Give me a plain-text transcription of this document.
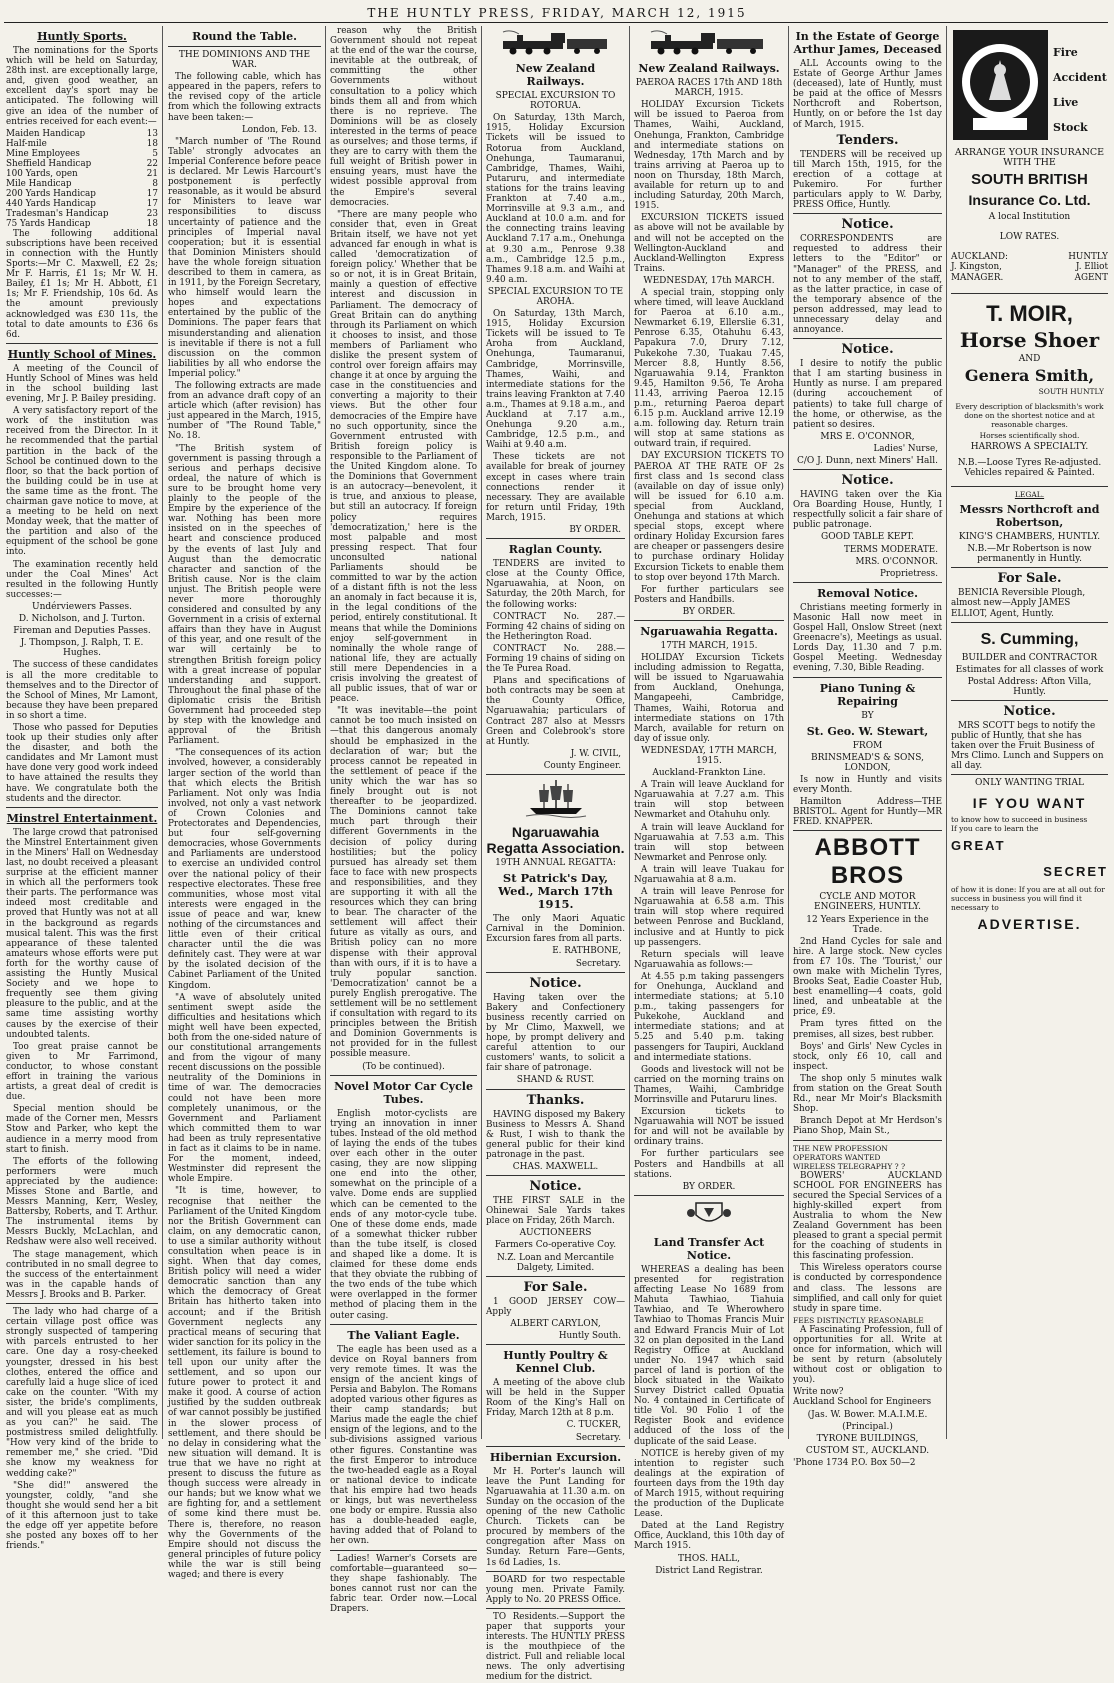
THE HUNTLY PRESS, FRIDAY, MARCH 12, 1915
Huntly Sports.

The nominations for the Sports which will be held on Saturday, 28th inst. are exceptionally large, and, given good weather, an excellent day's sport may be anticipated. The following will give an idea of the number of entries received for each event:—

Maiden Handicap	13
Half-mile	18
Mine Employees	5
Sheffield Handicap	22
100 Yards, open	21
Mile Handicap	8
200 Yards Handicap	17
440 Yards Handicap	17
Tradesman's Handicap	23
75 Yards Handicap	18

The following additional subscriptions have been received in connection with the Huntly Sports:—Mr C. Maxwell, £2 2s; Mr F. Harris, £1 1s; Mr W. H. Bailey, £1 1s; Mr H. Abbott, £1 1s; Mr F. Friendship, 10s 6d. As the amount previously acknowledged was £30 11s, the total to date amounts to £36 6s 6d.

Huntly School of Mines.

A meeting of the Council of Huntly School of Mines was held in the school building last evening, Mr J. P. Bailey presiding.

A very satisfactory report of the work of the institution was received from the Director. In it he recommended that the partial partition in the back of the School be continued down to the floor, so that the back portion of the building could be in use at the same time as the front. The chairman gave notice to move, at a meeting to be held on next Monday week, that the matter of the partition and also of the equipment of the school be gone into.

The examination recently held under the Coal Mines' Act resulted in the following Huntly successes:—

Undérviewers Passes.
D. Nicholson, and J. Turton.
Fireman and Deputies Passes.
J. Thompson, J. Ralph, T. E. Hughes.

The success of these candidates is all the more creditable to themselves and to the Director of the School of Mines, Mr Lamont, because they have been prepared in so short a time.

Those who passed for Deputies took up their studies only after the disaster, and both the candidates and Mr Lamont must have done very good work indeed to have attained the results they have. We congratulate both the students and the director.

Minstrel Entertainment.

The large crowd that patronised the Minstrel Entertainment given in the Miners' Hall on Wednesday last, no doubt received a pleasant surprise at the efficient manner in which all the performers took their parts. The performance was indeed most creditable and proved that Huntly was not at all in the background as regards musical talent. This was the first appearance of these talented amateurs whose efforts were put forth for the worthy cause of assisting the Huntly Musical Society and we hope to frequently see them giving pleasure to the public, and at the same time assisting worthy causes by the exercise of their undoubted talents.

Too great praise cannot be given to Mr Farrimond, conductor, to whose constant effort in training the various artists, a great deal of credit is due.

Special mention should be made of the Corner men, Messrs Stow and Parker, who kept the audience in a merry mood from start to finish.

The efforts of the following performers were much appreciated by the audience: Misses Stone and Bartle, and Messrs Manning, Kerr, Wesley, Battersby, Roberts, and T. Arthur. The instrumental items by Messrs Buckly, McLachlan, and Redshaw were also well received.

The stage management, which contributed in no small degree to the success of the entertainment was in the capable hands of Messrs J. Brooks and B. Parker.

The lady who had charge of a certain village post office was strongly suspected of tampering with parcels entrusted to her care. One day a rosy-cheeked youngster, dressed in his best clothes, entered the office and carefully laid a huge slice of iced cake on the counter. "With my sister, the bride's compliments, and will you please eat as much as you can?" he said. The postmistress smiled delightfully. "How very kind of the bride to remember me," she cried. "Did she know my weakness for wedding cake?"

"She did!" answered the youngster, coldly, "and she thought she would send her a bit of it this afternoon just to take the edge off yer appetite before she posted any boxes off to her friends."

Round the Table.
THE DOMINIONS AND THE WAR.

The following cable, which has appeared in the papers, refers to the revised copy of the article from which the following extracts have been taken:—

London, Feb. 13.

"March number of 'The Round Table' strongly advocates an Imperial Conference before peace is declared. Mr Lewis Harcourt's postponement is perfectly reasonable, as it would be absurd for Ministers to leave war responsibilities to discuss uncertainty of patience and the principles of Imperial naval cooperation; but it is essential that Dominion Ministers should have the whole foreign situation described to them in camera, as in 1911, by the Foreign Secretary, who himself would learn the hopes and expectations entertained by the public of the Dominions. The paper fears that misunderstanding and alienation is inevitable if there is not a full discussion on the common liabilities by all who endorse the Imperial policy."

The following extracts are made from an advance draft copy of an article which (after revision) has just appeared in the March, 1915, number of "The Round Table," No. 18.

"The British system of government is passing through a serious and perhaps decisive ordeal, the nature of which is sure to be brought home very plainly to the people of the Empire by the experience of the war. Nothing has been more insisted on in the speeches of heart and conscience produced by the events of last July and August than the democratic character and sanction of the British cause. Nor is the claim unjust. The British people were never more thoroughly considered and consulted by any Government in a crisis of external affairs than they have in August of this year, and one result of the war will certainly be to strengthen British foreign policy with a great increase of popular understanding and support. Throughout the final phase of the diplomatic crisis the British Government had proceeded step by step with the knowledge and approval of the British Parliament.

"The consequences of its action involved, however, a considerably larger section of the world than that which elects the British Parliament. Not only was India involved, not only a vast network of Crown Colonies and Protectorates and Dependencies, but four self-governing democracies, whose Governments and Parliaments are understood to exercise an undivided control over the national policy of their respective electorates. These free communities, whose most vital interests were engaged in the issue of peace and war, knew nothing of the circumstances and little even of their critical character until the die was definitely cast. They were at war by the isolated decision of the Cabinet Parliament of the United Kingdom.

"A wave of absolutely united sentiment swept aside the difficulties and hesitations which might well have been expected, both from the one-sided nature of our constitutional arrangements and from the vigour of many recent discussions on the possible neutrality of the Dominions in time of war. The democracies could not have been more completely unanimous, or the Government and Parliament which committed them to war had been as truly representative in fact as it claims to be in name. For the moment, indeed, Westminster did represent the whole Empire.

"It is time, however, to recognise that neither the Parliament of the United Kingdom nor the British Government can claim, on any democratic canon, to use a similar authority without consultation when peace is in sight. When that day comes, British policy will need a wider democratic sanction than any which the democracy of Great Britain has hitherto taken into account; and if the British Government neglects any practical means of securing that wider sanction for its policy in the settlement, its failure is bound to tell upon our unity after the settlement, and so upon our future power to protect it and make it good. A course of action justified by the sudden outbreak of war cannot possibly be justified in the slower process of settlement, and there should be no delay in considering what the new situation will demand. It is true that we have no right at present to discuss the future as though success were already in our hands; but we know what we are fighting for, and a settlement of some kind there must be. There is, therefore, no reason why the Governments of the Empire should not discuss the general principles of future policy while the war is still being waged; and there is every

reason why the British Government should not repeat at the end of the war the course, inevitable at the outbreak, of committing the other Governments without consultation to a policy which binds them all and from which there is no reprieve. The Dominions will be as closely interested in the terms of peace as ourselves; and those terms, if they are to carry with them the full weight of British power in ensuing years, must have the widest possible approval from the Empire's several democracies.

"There are many people who consider that, even in Great Britain itself, we have not yet advanced far enough in what is called 'democratization of foreign policy.' Whether that be so or not, it is in Great Britain, mainly a question of effective interest and discussion in Parliament. The democracy of Great Britain can do anything through its Parliament on which it chooses to insist, and those members of Parliament who dislike the present system of control over foreign affairs may change it at once by arguing the case in the constituencies and converting a majority to their views. But the other four democracies of the Empire have no such opportunity, since the Government entrusted with British foreign policy is responsible to the Parliament of the United Kingdom alone. To the Dominions that Government is an autocracy—benevolent, it is true, and anxious to please, but still an autocracy. If foreign policy requires 'democratization,' here is the most palpable and most pressing respect. That four unconsulted national Parliaments should be committed to war by the action of a distant fifth is not the less an anomaly in fact because it is, in the legal conditions of the period, entirely constitutional. It means that while the Dominions enjoy self-government in nominally the whole range of national life, they are actually still mere Dependencies in a crisis involving the greatest of all public issues, that of war or peace.

"It was inevitable—the point cannot be too much insisted on—that this dangerous anomaly should be emphasized in the declaration of war; but the process cannot be repeated in the settlement of peace if the unity which the war has so finely brought out is not thereafter to be jeopardized. The Dominions cannot take much part through their different Governments in the decision of policy during hostilities; but the policy pursued has already set them face to face with new prospects and responsibilities, and they are supporting it with all the resources which they can bring to bear. The character of the settlement will affect their future as vitally as ours, and British policy can no more dispense with their approval than with ours, if it is to have a truly popular sanction. 'Democratization' cannot be a purely English prerogative. The settlement will be no settlement if consultation with regard to its principles between the British and Dominion Governments is not provided for in the fullest possible measure.

(To be continued).
Novel Motor Car Cycle Tubes.

English motor-cyclists are trying an innovation in inner tubes. Instead of the old method of laying the ends of the tubes over each other in the outer casing, they are now slipping one end into the other, somewhat on the principle of a valve. Dome ends are supplied which can be cemented to the ends of any motor-cycle tube. One of these dome ends, made of a somewhat thicker rubber than the tube itself, is closed and shaped like a dome. It is claimed for these dome ends that they obviate the rubbing of the two ends of the tube which were overlapped in the former method of placing them in the outer casing.

The Valiant Eagle.

The eagle has been used as a device on Royal banners from very remote times. It was the ensign of the ancient kings of Persia and Babylon. The Romans adopted various other figures as their camp standards; but Marius made the eagle the chief ensign of the legions, and to the sub-divisions assigned various other figures. Constantine was the first Emperor to introduce the two-headed eagle as a Royal or national device to indicate that his empire had two heads or kings, but was nevertheless one body or empire. Russia also has a double-headed eagle, having added that of Poland to her own.

Ladies! Warner's Corsets are comfortable—guaranteed so—they shape fashionably. The bones cannot rust nor can the fabric tear. Order now.—Local Drapers.

New Zealand Railways.
SPECIAL EXCURSION TO ROTORUA.

On Saturday, 13th March, 1915, Holiday Excursion Tickets will be issued to Rotorua from Auckland, Onehunga, Taumaranui, Cambridge, Thames, Waihi, Putaruru, and intermediate stations for the trains leaving Frankton at 7.40 a.m., Morrinsville at 9.3 a.m., and Auckland at 10.0 a.m. and for the connecting trains leaving Auckland 7.17 a.m., Onehunga at 9.30 a.m., Penrose 9.38 a.m., Cambridge 12.5 p.m., Thames 9.18 a.m. and Waihi at 9.40 a.m.

SPECIAL EXCURSION TO TE AROHA.

On Saturday, 13th March, 1915, Holiday Excursion Tickets will be issued to Te Aroha from Auckland, Onehunga, Taumaranui, Cambridge, Morrinsville, Thames, Waihi, and intermediate stations for the trains leaving Frankton at 7.40 a.m., Thames at 9.18 a.m., and Auckland at 7.17 a.m., Onehunga 9.20 a.m., Cambridge, 12.5 p.m., and Waihi at 9.40 a.m.

These tickets are not available for break of journey except in cases where train connections render it necessary. They are available for return until Friday, 19th March, 1915.

BY ORDER.
Raglan County.

TENDERS are invited to close at the County Office, Ngaruawahia, at Noon, on Saturday, the 20th March, for the following works:

CONTRACT No. 287.—Forming 42 chains of siding on the Hetherington Road.

CONTRACT No. 288.—Forming 19 chains of siding on the Te Purea Road.

Plans and specifications of both contracts may be seen at the County Office, Ngaruawahia; particulars of Contract 287 also at Messrs Green and Colebrook's store at Huntly.

J. W. CIVIL,
County Engineer.
Ngaruawahia Regatta Association.
19TH ANNUAL REGATTA:
St Patrick's Day, Wed., March 17th 1915.

The only Maori Aquatic Carnival in the Dominion. Excursion fares from all parts.

E. RATHBONE,
Secretary.
Notice.

Having taken over the Bakery and Confectionery business recently carried on by Mr Climo, Maxwell, we hope, by prompt delivery and careful attention to our customers' wants, to solicit a fair share of patronage.

SHAND & RUST.
Thanks.

HAVING disposed my Bakery Business to Messrs A. Shand & Rust, I wish to thank the general public for their kind patronage in the past.

CHAS. MAXWELL.
Notice.

THE FIRST SALE in the Ohinewai Sale Yards takes place on Friday, 26th March.

AUCTIONEERS
Farmers Co-operative Coy.
N.Z. Loan and Mercantile Dalgety, Limited.
For Sale.

1 GOOD JERSEY COW—Apply

ALBERT CARYLON,
Huntly South.
Huntly Poultry & Kennel Club.

A meeting of the above club will be held in the Supper Room of the King's Hall on Friday, March 12th at 8 p.m.

C. TUCKER,
Secretary.
Hibernian Excursion.

Mr H. Porter's launch will leave the Punt Landing for Ngaruawahia at 11.30 a.m. on Sunday on the occasion of the opening of the new Catholic Church. Tickets can be procured by members of the congregation after Mass on Sunday. Return Fare—Gents, 1s 6d Ladies, 1s.

BOARD for two respectable young men. Private Family. Apply to No. 20 PRESS Office.

TO Residents.—Support the paper that supports your interests. The HUNTLY PRESS is the mouthpiece of the district. Full and reliable local news. The only advertising medium for the district.

New Zealand Railways.
PAEROA RACES 17th AND 18th MARCH, 1915.

HOLIDAY Excursion Tickets will be issued to Paeroa from Thames, Waihi, Auckland, Onehunga, Frankton, Cambridge and intermediate stations on Wednesday, 17th March and by trains arriving at Paeroa up to noon on Thursday, 18th March, available for return up to and including Saturday, 20th March, 1915.

EXCURSION TICKETS issued as above will not be available by and will not be accepted on the Wellington-Auckland and Auckland-Wellington Express Trains.

WEDNESDAY, 17th MARCH.

A special train, stopping only where timed, will leave Auckland for Paeroa at 6.10 a.m., Newmarket 6.19, Ellerslie 6.31, Penrose 6.35, Otahuhu 6.43, Papakura 7.0, Drury 7.12, Pukekohe 7.30, Tuakau 7.45, Mercer 8.8, Huntly 8.56, Ngaruawahia 9.14, Frankton 9.45, Hamilton 9.56, Te Aroha 11.43, arriving Paeroa 12.15 p.m., returning Paeroa depart 6.15 p.m. Auckland arrive 12.19 a.m. following day. Return train will stop at same stations as outward train, if required.

DAY EXCURSION TICKETS TO PAEROA AT THE RATE OF 2s first class and 1s second class (available on day of issue only) will be issued for 6.10 a.m. special from Auckland, Onehunga and stations at which special stops, except where ordinary Holiday Excursion fares are cheaper or passengers desire to purchase ordinary Holiday Excursion Tickets to enable them to stop over beyond 17th March.

For further particulars see Posters and Handbills.

BY ORDER.
Ngaruawahia Regatta.
17TH MARCH, 1915.

HOLIDAY Excursion Tickets including admission to Regatta, will be issued to Ngaruawahia from Auckland, Onehunga, Mangapeehi, Cambridge, Thames, Waihi, Rotorua and intermediate stations on 17th March, available for return on day of issue only.

WEDNESDAY, 17TH MARCH, 1915.
Auckland-Frankton Line.

A Train will leave Auckland for Ngaruawahia at 7.27 a.m. This train will stop between Newmarket and Otahuhu only.

A train will leave Auckland for Ngaruawahia at 7.53 a.m. This train will stop between Newmarket and Penrose only.

A train will leave Tuakau for Ngaruawahia at 8 a.m.

A train will leave Penrose for Ngaruawahia at 6.58 a.m. This train will stop where required between Penrose and Buckland, inclusive and at Huntly to pick up passengers.

Return specials will leave Ngaruawahia as follows:—

At 4.55 p.m taking passengers for Onehunga, Auckland and intermediate stations; at 5.10 p.m., taking passengers for Pukekohe, Auckland and intermediate stations; and at 5.25 and 5.40 p.m. taking passengers for Taupiri, Auckland and intermediate stations.

Goods and livestock will not be carried on the morning trains on Thames, Waihi, Cambridge Morrinsville and Putaruru lines.

Excursion tickets to Ngaruawahia will NOT be issued for and will not be available by ordinary trains.

For further particulars see Posters and Handbills at all stations.

BY ORDER.
Land Transfer Act Notice.

WHEREAS a dealing has been presented for registration affecting Lease No 1689 from Mahuta Tawhiao, Tiahuia Tawhiao, and Te Wherowhero Tawhiao to Thomas Francis Muir and Edward Francis Muir of Lot 32 on plan deposited in the Land Registry Office at Auckland under No. 1947 which said parcel of land is portion of the block situated in the Waikato Survey District called Opuatia No. 4 contained in Certificate of title Vol. 90 Folio 1 of the Register Book and evidence adduced of the loss of the duplicate of the said Lease.

NOTICE is hereby given of my intention to register such dealings at the expiration of fourteen days from the 19th day of March 1915, without requiring the production of the Duplicate Lease.

Dated at the Land Registry Office, Auckland, this 10th day of March 1915.

THOS. HALL,
District Land Registrar.
In the Estate of George Arthur James, Deceased

ALL Accounts owing to the Estate of George Arthur James (deceased), late of Huntly, must be paid at the office of Messrs Northcroft and Robertson, Huntly, on or before the 1st day of March, 1915.

Tenders.

TENDERS will be received up till March 15th, 1915, for the erection of a cottage at Pukemiro. For further particulars apply to W. Darby, PRESS Office, Huntly.

Notice.

CORRESPONDENTS are requested to address their letters to the "Editor" or "Manager" of the PRESS, and not to any member of the staff, as the latter practice, in case of the temporary absence of the person addressed, may lead to unnecessary delay and annoyance.

Notice.

I desire to notify the public that I am starting business in Huntly as nurse. I am prepared (during accouchement of patients) to take full charge of the home, or otherwise, as the patient so desires.

MRS E. O'CONNOR,
Ladies' Nurse,
C/O J. Dunn, next Miners' Hall.
Notice.

HAVING taken over the Kia Ora Boarding House, Huntly, I respectfully solicit a fair share of public patronage.

GOOD TABLE KEPT.
TERMS MODERATE.
MRS. O'CONNOR.
Proprietress.
Removal Notice.

Christians meeting formerly in Masonic Hall now meet in Gospel Hall, Onslow Street (next Greenacre's), Meetings as usual. Lords Day, 11.30 and 7 p.m. Gospel Meeting. Wednesday evening, 7.30, Bible Reading.

Piano Tuning & Repairing
BY
St. Geo. W. Stewart,
FROM
BRINSMEAD'S & SONS, LONDON,

Is now in Huntly and visits every Month.

Hamilton Address—THE BRISTOL. Agent for Huntly—MR FRED. KNAPPER.

ABBOTT BROS
CYCLE AND MOTOR ENGINEERS, HUNTLY.
12 Years Experience in the Trade.

2nd Hand Cycles for sale and hire. A large stock. New cycles from £7 10s. The 'Tourist,' our own make with Michelin Tyres, Brooks Seat, Eadie Coaster Hub, best enamelling—4 coats, gold lined, and unbeatable at the price, £9.

Pram tyres fitted on the premises, all sizes, best rubber.

Boys' and Girls' New Cycles in stock, only £6 10, call and inspect.

The shop only 5 minutes walk from station on the Great South Rd., near Mr Moir's Blacksmith Shop.

Branch Depot at Mr Herdson's Piano Shop, Main St.,

THE NEW PROFESSION
OPERATORS WANTED
WIRELESS TELEGRAPHY ? ?

BOWERS' AUCKLAND SCHOOL FOR ENGINEERS has secured the Special Services of a highly-skilled expert from Australia to whom the New Zealand Government has been pleased to grant a special permit for the coaching of students in this fascinating profession.

This Wireless operators course is conducted by correspondence and class. The lessons are simplified, and call only for quiet study in spare time.

FEES DISTINCTLY REASONABLE

A Fascinating Profession, full of opportunities for all. Write at once for information, which will be sent by return (absolutely without cost or obligation to you).

Write now?
Auckland School for Engineers
(Jas. W. Bower. M.A.I.M.E.
(Principal.)
TYRONE BUILDINGS,
CUSTOM ST., AUCKLAND.
'Phone 1734 P.O. Box 50—2
Fire
Accident
Live
Stock
ARRANGE YOUR INSURANCE WITH THE
SOUTH BRITISH
Insurance Co. Ltd.
A local Institution
LOW RATES.
AUCKLAND:	HUNTLY
J. Kingston,	J. Elliot
MANAGER.	AGENT
T. MOIR,
Horse Shoer
AND
Genera Smith,
SOUTH HUNTLY

Every description of blacksmith's work done on the shortest notice and at reasonable charges.

Horses scientifically shod.
HARROWS A SPECIALTY.
N.B.—Loose Tyres Re-adjusted. Vehicles repaired & Painted.
LEGAL.
Messrs Northcroft and Robertson,
KING'S CHAMBERS, HUNTLY.
N.B.—Mr Robertson is now permanently in Huntly.
For Sale.

BENICIA Reversible Plough, almost new—Apply JAMES ELLIOT, Agent, Huntly.

S. Cumming,
BUILDER and CONTRACTOR
Estimates for all classes of work
Postal Address: Afton Villa, Huntly.
Notice.

MRS SCOTT begs to notify the public of Huntly, that she has taken over the Fruit Business of Mrs Climo. Lunch and Suppers on all day.

ONLY WANTING TRIAL
IF YOU WANT
to know how to succeed in business
If you care to learn the
GREAT
SECRET
of how it is done: If you are at all out for success in business you will find it necessary to
ADVERTISE.
